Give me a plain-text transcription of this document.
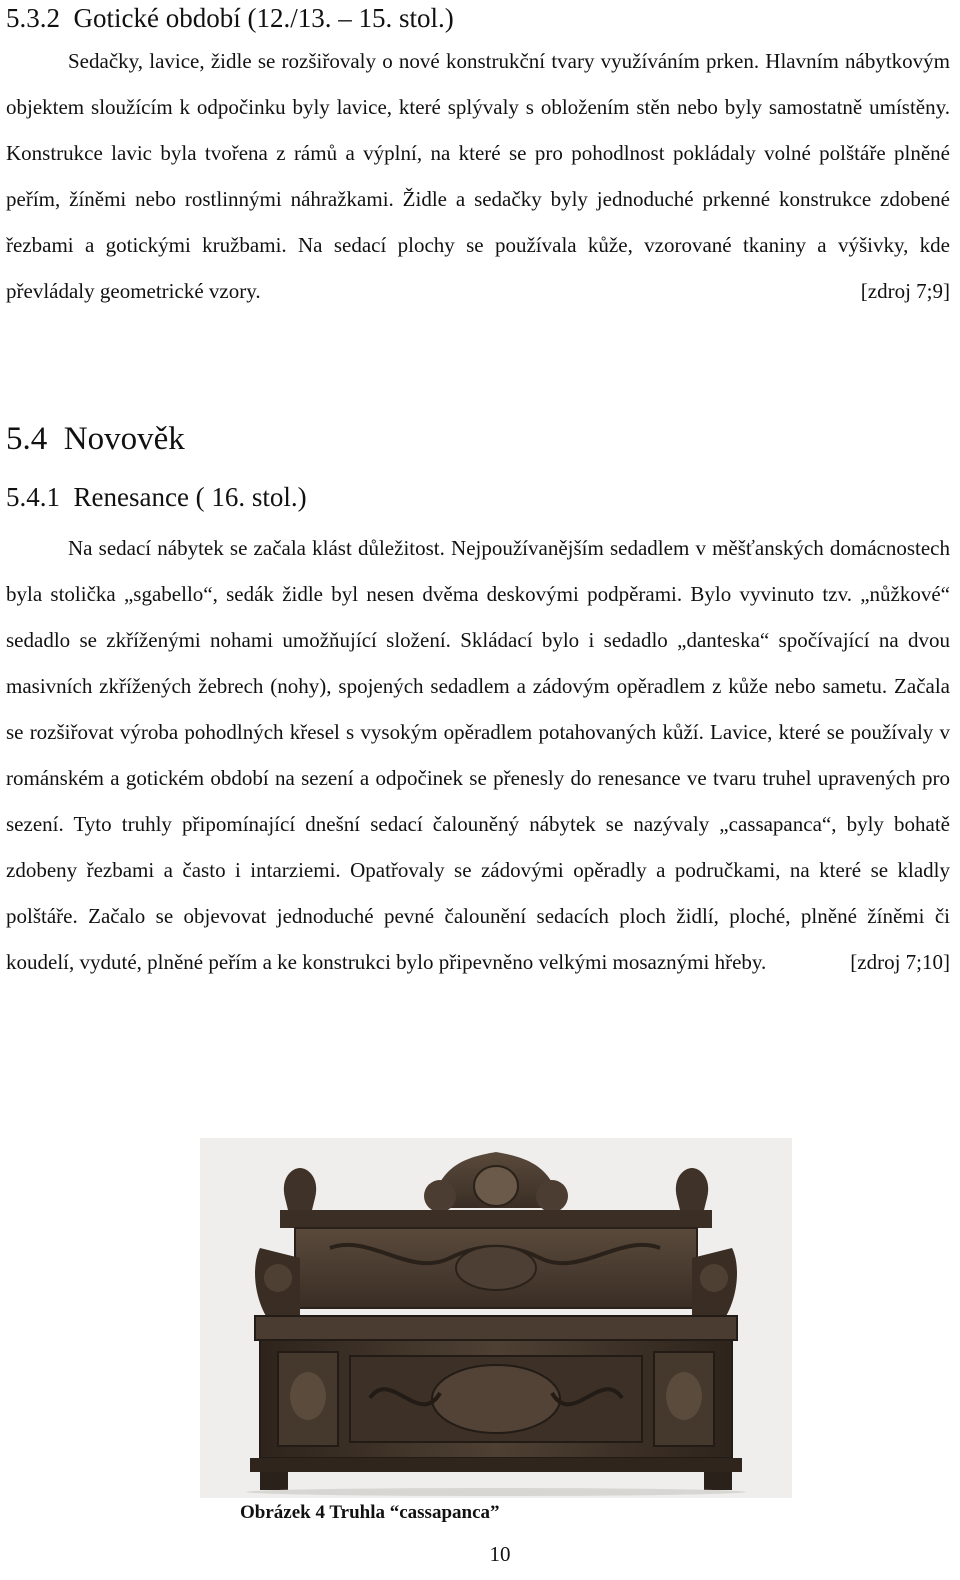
5.3.2 Gotické období (12./13. – 15. stol.)

Sedačky, lavice, židle se rozšiřovaly o nové konstrukční tvary využíváním prken. Hlavním nábytkovým objektem sloužícím k odpočinku byly lavice, které splývaly s obložením stěn nebo byly samostatně umístěny. Konstrukce lavic byla tvořena z rámů a výplní, na které se pro pohodlnost pokládaly volné polštáře plněné peřím, žíněmi nebo rostlinnými náhražkami. Židle a sedačky byly jednoduché prkenné konstrukce zdobené řezbami a gotickými kružbami. Na sedací plochy se používala kůže, vzorované tkaniny a výšivky, kde převládaly geometrické vzory.	[zdroj 7;9]

5.4 Novověk
5.4.1 Renesance ( 16. stol.)

Na sedací nábytek se začala klást důležitost. Nejpoužívanějším sedadlem v měšťanských domácnostech byla stolička „sgabello“, sedák židle byl nesen dvěma deskovými podpěrami. Bylo vyvinuto tzv. „nůžkové“ sedadlo se zkříženými nohami umožňující složení. Skládací bylo i sedadlo „danteska“ spočívající na dvou masivních zkřížených žebrech (nohy), spojených sedadlem a zádovým opěradlem z kůže nebo sametu. Začala se rozšiřovat výroba pohodlných křesel s vysokým opěradlem potahovaných kůží. Lavice, které se používaly v románském a gotickém období na sezení a odpočinek se přenesly do renesance ve tvaru truhel upravených pro sezení. Tyto truhly připomínající dnešní sedací čalouněný nábytek se nazývaly „cassapanca“, byly bohatě zdobeny řezbami a často i intarziemi. Opatřovaly se zádovými opěradly a područkami, na které se kladly polštáře. Začalo se objevovat jednoduché pevné čalounění sedacích ploch židlí, ploché, plněné žíněmi či koudelí, vyduté, plněné peřím a ke konstrukci bylo připevněno velkými mosaznými hřeby.	[zdroj 7;10]

Obrázek 4 Truhla “cassapanca”

10
